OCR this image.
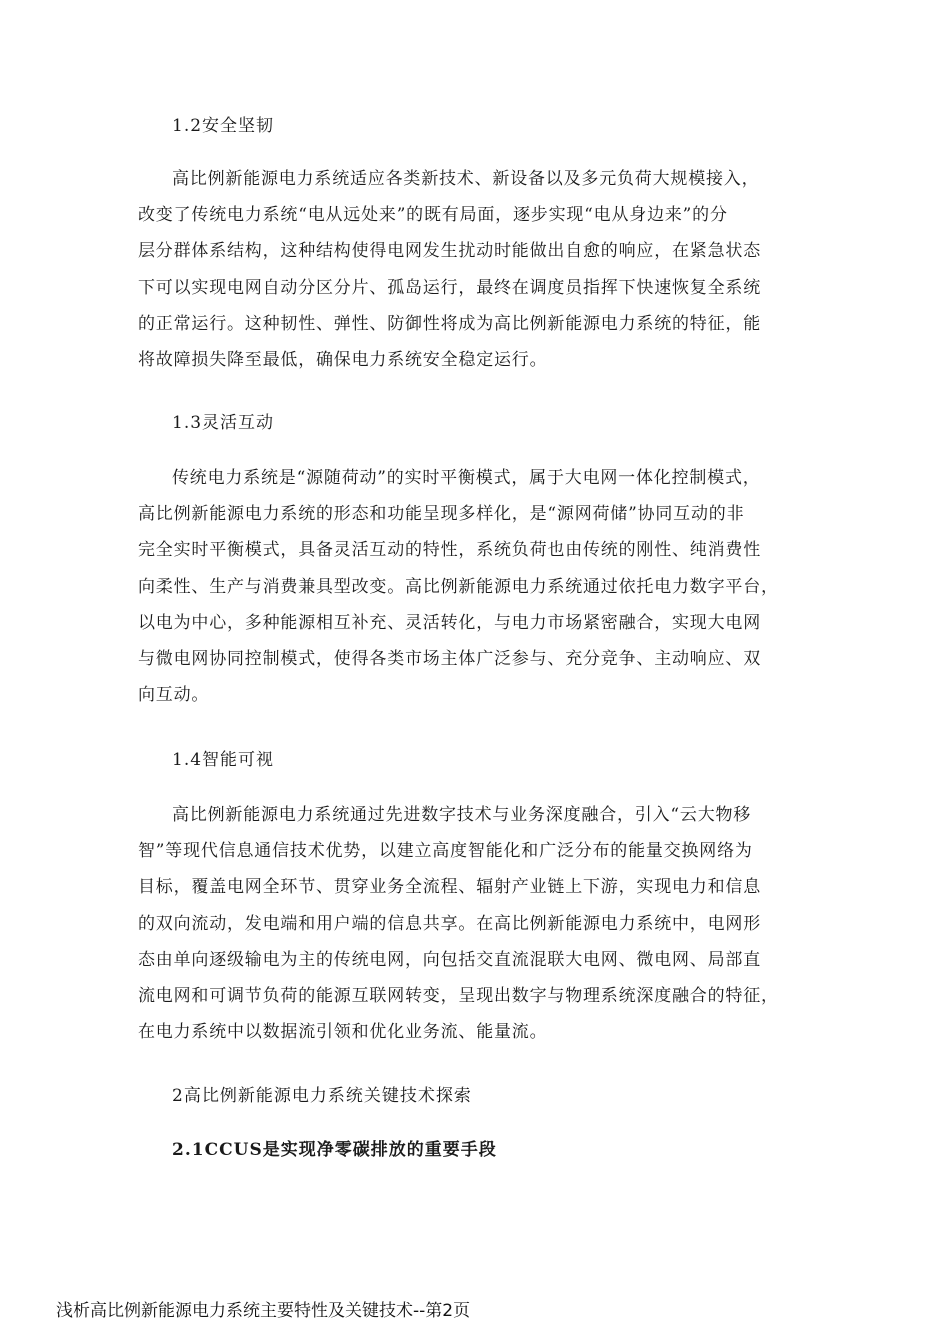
1.2安全坚韧
高比例新能源电力系统适应各类新技术、新设备以及多元负荷大规模接入，
改变了传统电力系统“电从远处来”的既有局面，逐步实现“电从身边来”的分
层分群体系结构，这种结构使得电网发生扰动时能做出自愈的响应，在紧急状态
下可以实现电网自动分区分片、孤岛运行，最终在调度员指挥下快速恢复全系统
的正常运行。这种韧性、弹性、防御性将成为高比例新能源电力系统的特征，能
将故障损失降至最低，确保电力系统安全稳定运行。
1.3灵活互动
传统电力系统是“源随荷动”的实时平衡模式，属于大电网一体化控制模式，
高比例新能源电力系统的形态和功能呈现多样化，是“源网荷储”协同互动的非
完全实时平衡模式，具备灵活互动的特性，系统负荷也由传统的刚性、纯消费性
向柔性、生产与消费兼具型改变。高比例新能源电力系统通过依托电力数字平台，
以电为中心，多种能源相互补充、灵活转化，与电力市场紧密融合，实现大电网
与微电网协同控制模式，使得各类市场主体广泛参与、充分竞争、主动响应、双
向互动。
1.4智能可视
高比例新能源电力系统通过先进数字技术与业务深度融合，引入“云大物移
智”等现代信息通信技术优势，以建立高度智能化和广泛分布的能量交换网络为
目标，覆盖电网全环节、贯穿业务全流程、辐射产业链上下游，实现电力和信息
的双向流动，发电端和用户端的信息共享。在高比例新能源电力系统中，电网形
态由单向逐级输电为主的传统电网，向包括交直流混联大电网、微电网、局部直
流电网和可调节负荷的能源互联网转变，呈现出数字与物理系统深度融合的特征，
在电力系统中以数据流引领和优化业务流、能量流。
2高比例新能源电力系统关键技术探索
2.1CCUS是实现净零碳排放的重要手段
浅析高比例新能源电力系统主要特性及关键技术--第2页
